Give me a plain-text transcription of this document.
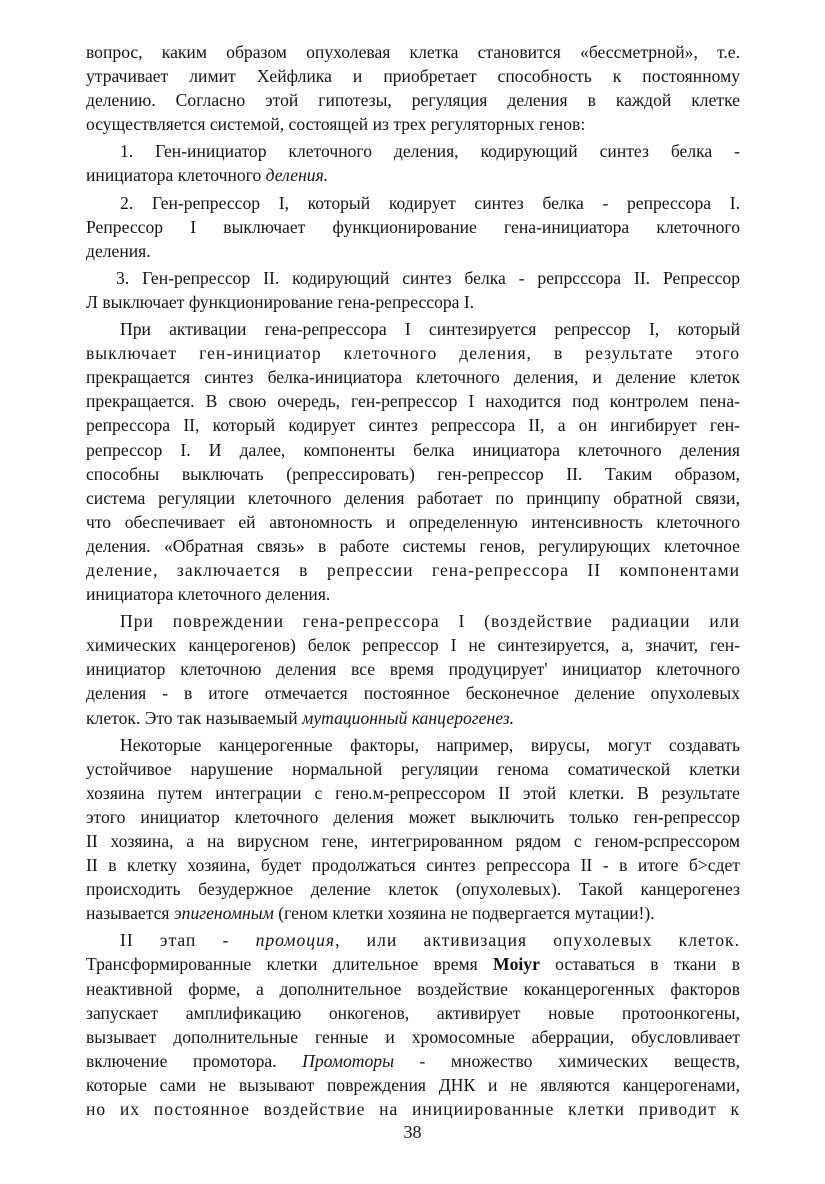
вопрос, каким образом опухолевая клетка становится «бессметрной», т.е.
утрачивает лимит Хейфлика и приобретает способность к постоянному
делению. Согласно этой гипотезы, регуляция деления в каждой клетке
осуществляется системой, состоящей из трех регуляторных генов:

1. Ген-инициатор клеточного деления, кодирующий синтез белка -
инициатора клеточного деления.

2. Ген-репрессор I, который кодирует синтез белка - репрессора I.
Репрессор I выключает функционирование гена-инициатора клеточного
деления.

3. Ген-репрессор II. кодирующий синтез белка - репрсссора II. Репрессор
Л выключает функционирование гена-репрессора I.

При активации гена-репрессора I синтезируется репрессор I, который
выключает ген-инициатор клеточного деления, в результате этого
прекращается синтез белка-инициатора клеточного деления, и деление клеток
прекращается. В свою очередь, ген-репрессор I находится под контролем пена-
репрессора II, который кодирует синтез репрессора II, а он ингибирует ген-
репрессор I. И далее, компоненты белка инициатора клеточного деления
способны выключать (репрессировать) ген-репрессор II. Таким образом,
система регуляции клеточного деления работает по принципу обратной связи,
что обеспечивает ей автономность и определенную интенсивность клеточного
деления. «Обратная связь» в работе системы генов, регулирующих клеточное
деление, заключается в репрессии гена-репрессора II компонентами
инициатора клеточного деления.

При повреждении гена-репрессора I (воздействие радиации или
химических канцерогенов) белок репрессор I не синтезируется, а, значит, ген-
инициатор клеточною деления все время продуцирует' инициатор клеточного
деления - в итоге отмечается постоянное бесконечное деление опухолевых
клеток. Это так называемый мутационный канцерогенез.

Некоторые канцерогенные факторы, например, вирусы, могут создавать
устойчивое нарушение нормальной регуляции генома соматической клетки
хозяина путем интеграции с гено.м-репрессором II этой клетки. В результате
этого инициатор клеточного деления может выключить только ген-репрессор
II хозяина, а на вирусном гене, интегрированном рядом с геном-рспрессором
II в клетку хозяина, будет продолжаться синтез репрессора II - в итоге б>сдет
происходить безудержное деление клеток (опухолевых). Такой канцерогенез
называется эпигеномным (геном клетки хозяина не подвергается мутации!).

II этап - промоция, или активизация опухолевых клеток.
Трансформированные клетки длительное время Moiyr оставаться в ткани в
неактивной форме, а дополнительное воздействие коканцерогенных факторов
запускает амплификацию онкогенов, активирует новые протоонкогены,
вызывает дополнительные генные и хромосомные аберрации, обусловливает
включение промотора. Промоторы - множество химических веществ,
которые сами не вызывают повреждения ДНК и не являются канцерогенами,
но их постоянное воздействие на инициированные клетки приводит к

38
